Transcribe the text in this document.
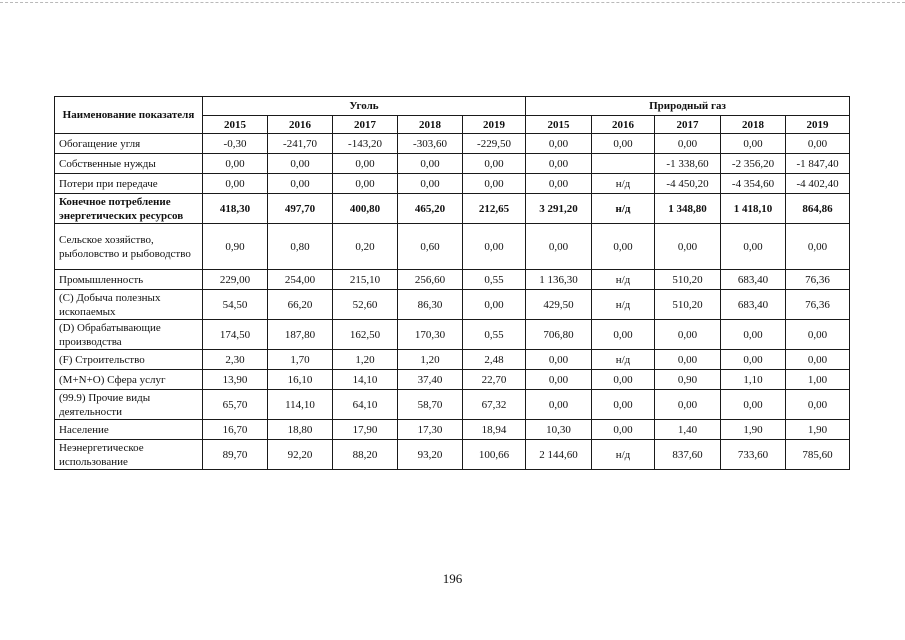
Наименование показателя	Уголь					Природный газ				
	2015	2016	2017	2018	2019	2015	2016	2017	2018	2019
Обогащение угля	-0,30	-241,70	-143,20	-303,60	-229,50	0,00	0,00	0,00	0,00	0,00
Собственные нужды	0,00	0,00	0,00	0,00	0,00	0,00		-1 338,60	-2 356,20	-1 847,40
Потери при передаче	0,00	0,00	0,00	0,00	0,00	0,00	н/д	-4 450,20	-4 354,60	-4 402,40
Конечное потребление энергетических ресурсов	418,30	497,70	400,80	465,20	212,65	3 291,20	н/д	1 348,80	1 418,10	864,86
Сельское хозяйство, рыболовство и рыбоводство	0,90	0,80	0,20	0,60	0,00	0,00	0,00	0,00	0,00	0,00
Промышленность	229,00	254,00	215,10	256,60	0,55	1 136,30	н/д	510,20	683,40	76,36
(C) Добыча полезных ископаемых	54,50	66,20	52,60	86,30	0,00	429,50	н/д	510,20	683,40	76,36
(D) Обрабатывающие производства	174,50	187,80	162,50	170,30	0,55	706,80	0,00	0,00	0,00	0,00
(F) Строительство	2,30	1,70	1,20	1,20	2,48	0,00	н/д	0,00	0,00	0,00
(M+N+O) Сфера услуг	13,90	16,10	14,10	37,40	22,70	0,00	0,00	0,90	1,10	1,00
(99.9) Прочие виды деятельности	65,70	114,10	64,10	58,70	67,32	0,00	0,00	0,00	0,00	0,00
Население	16,70	18,80	17,90	17,30	18,94	10,30	0,00	1,40	1,90	1,90
Неэнергетическое использование	89,70	92,20	88,20	93,20	100,66	2 144,60	н/д	837,60	733,60	785,60
196
